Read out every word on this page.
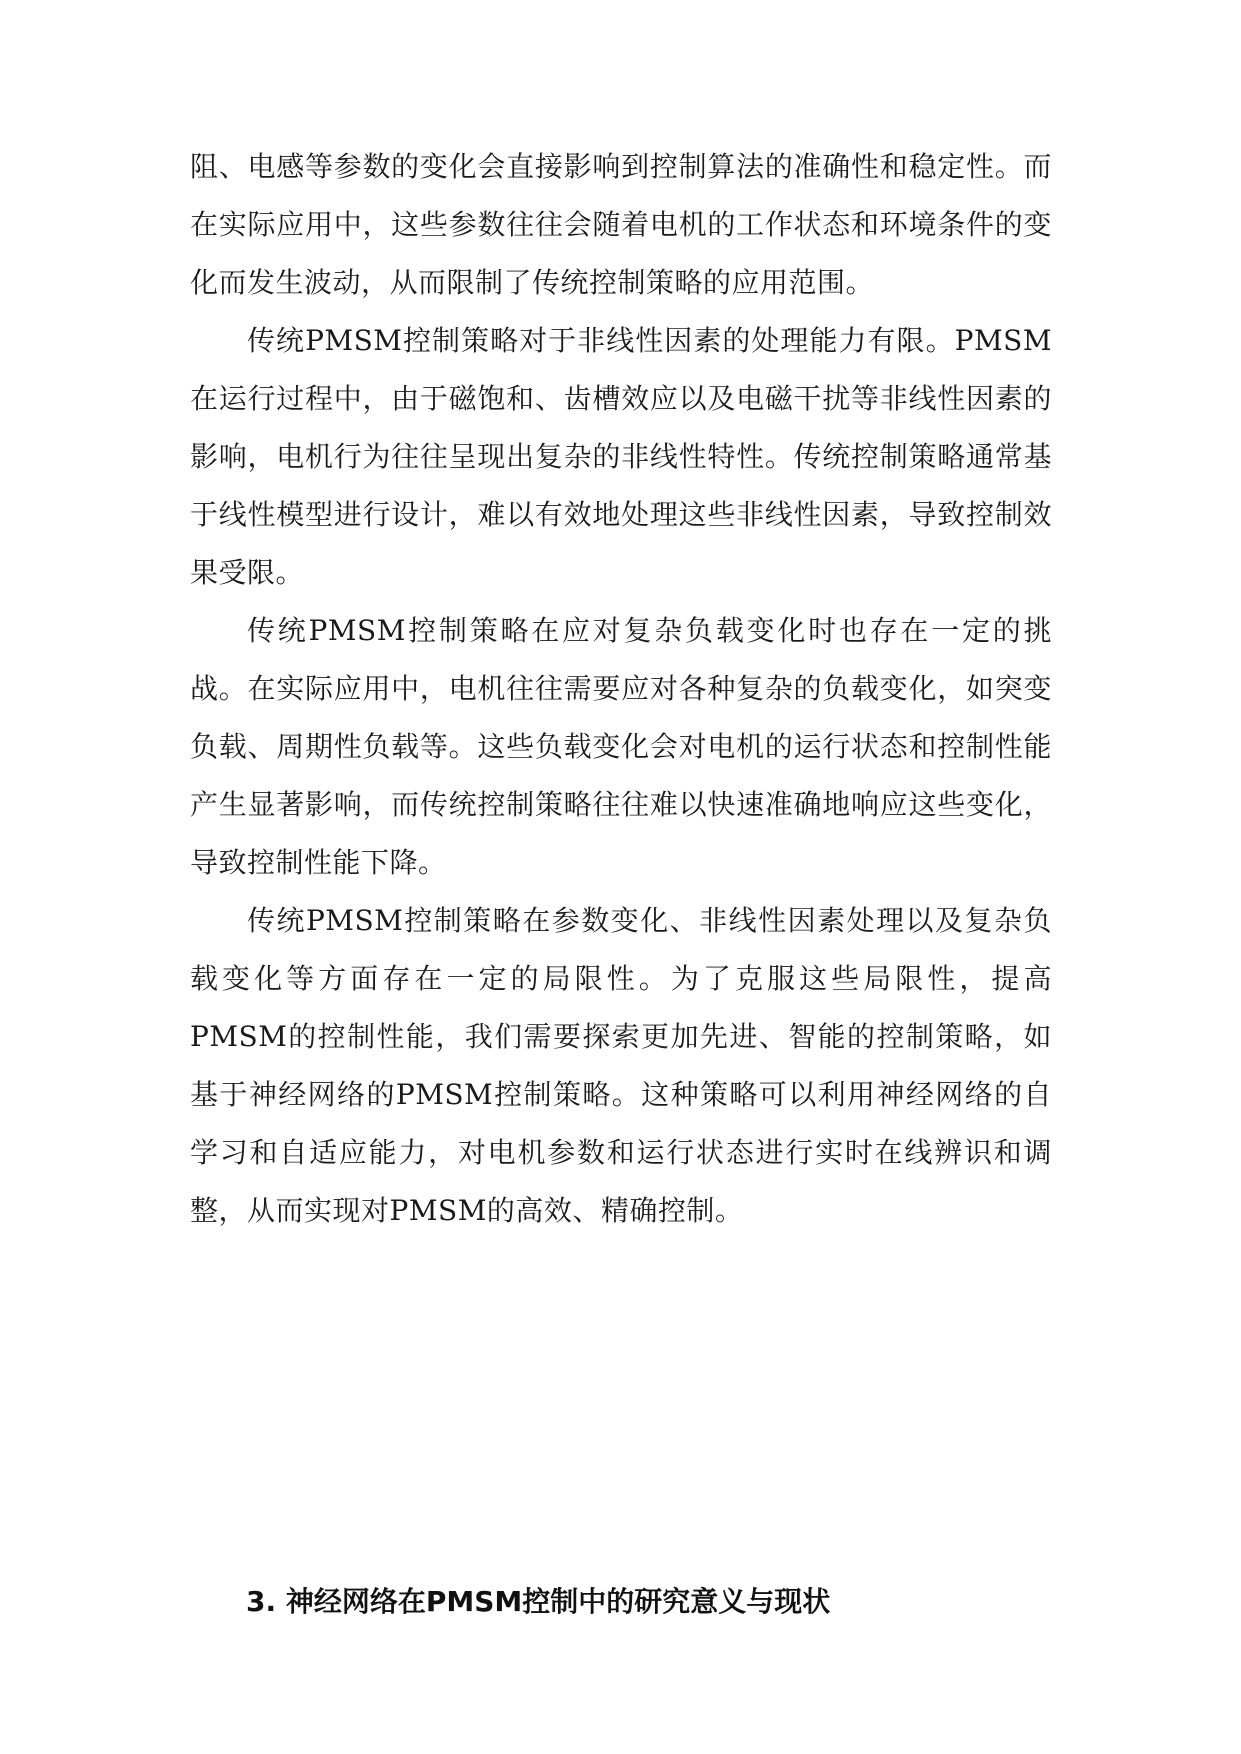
阻、电感等参数的变化会直接影响到控制算法的准确性和稳定性。而在实际应用中，这些参数往往会随着电机的工作状态和环境条件的变化而发生波动，从而限制了传统控制策略的应用范围。

传统PMSM控制策略对于非线性因素的处理能力有限。PMSM在运行过程中，由于磁饱和、齿槽效应以及电磁干扰等非线性因素的影响，电机行为往往呈现出复杂的非线性特性。传统控制策略通常基于线性模型进行设计，难以有效地处理这些非线性因素，导致控制效果受限。

传统PMSM控制策略在应对复杂负载变化时也存在一定的挑战。在实际应用中，电机往往需要应对各种复杂的负载变化，如突变负载、周期性负载等。这些负载变化会对电机的运行状态和控制性能产生显著影响，而传统控制策略往往难以快速准确地响应这些变化，导致控制性能下降。

传统PMSM控制策略在参数变化、非线性因素处理以及复杂负载变化等方面存在一定的局限性。为了克服这些局限性，提高PMSM的控制性能，我们需要探索更加先进、智能的控制策略，如基于神经网络的PMSM控制策略。这种策略可以利用神经网络的自学习和自适应能力，对电机参数和运行状态进行实时在线辨识和调整，从而实现对PMSM的高效、精确控制。

3. 神经网络在PMSM控制中的研究意义与现状
